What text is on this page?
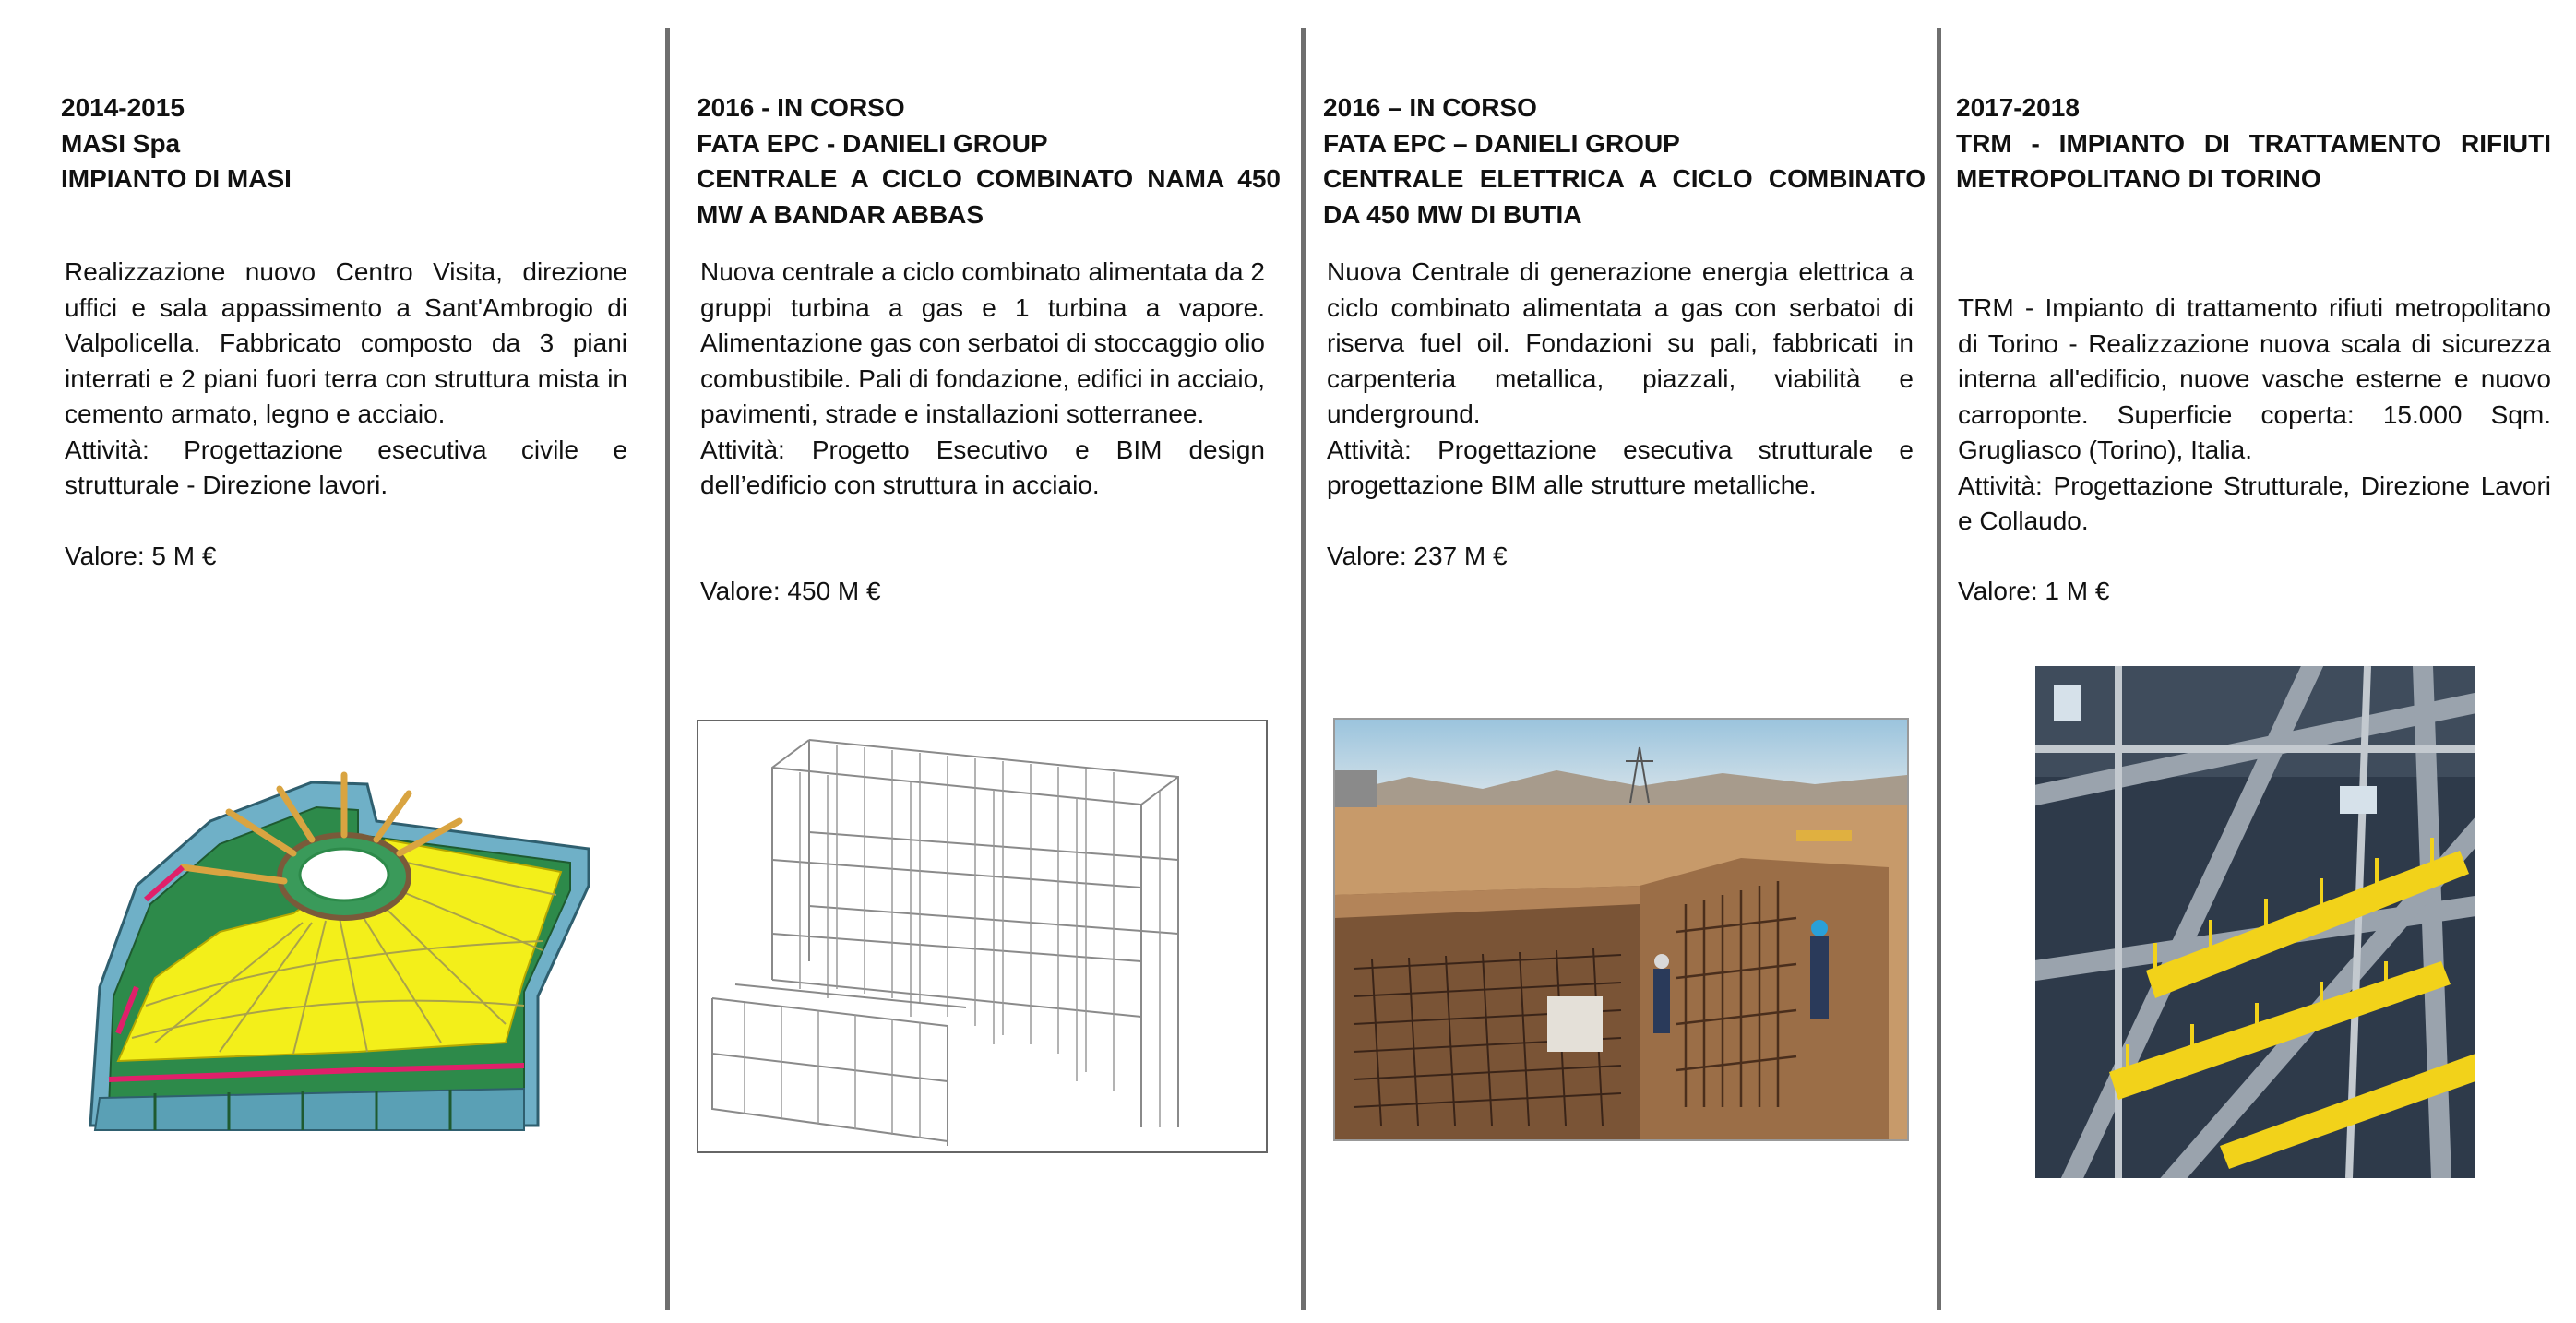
2014-2015
MASI Spa
IMPIANTO DI MASI

Realizzazione nuovo Centro Visita, direzione uffici e sala appassimento a Sant'Ambrogio di Valpolicella. Fabbricato composto da 3 piani interrati e 2 piani fuori terra con struttura mista in cemento armato, legno e acciaio.

Attività: Progettazione esecutiva civile e strutturale - Direzione lavori.

Valore: 5 M €
2016 - IN CORSO
FATA EPC - DANIELI GROUP
CENTRALE A CICLO COMBINATO NAMA 450 MW A BANDAR ABBAS

Nuova centrale a ciclo combinato alimentata da 2 gruppi turbina a gas e 1 turbina a vapore. Alimentazione gas con serbatoi di stoccaggio olio combustibile. Pali di fondazione, edifici in acciaio, pavimenti, strade e installazioni sotterranee.

Attività: Progetto Esecutivo e BIM design dell’edificio con struttura in acciaio.

Valore: 450 M €
2016 – IN CORSO
FATA EPC – DANIELI GROUP
CENTRALE ELETTRICA A CICLO COMBINATO DA 450 MW DI BUTIA

Nuova Centrale di generazione energia elettrica a ciclo combinato alimentata a gas con serbatoi di riserva fuel oil. Fondazioni su pali, fabbricati in carpenteria metallica, piazzali, viabilità e underground.

Attività: Progettazione esecutiva strutturale e progettazione BIM alle strutture metalliche.

Valore: 237 M €
2017-2018
TRM - IMPIANTO DI TRATTAMENTO RIFIUTI METROPOLITANO DI TORINO

TRM - Impianto di trattamento rifiuti metropolitano di Torino - Realizzazione nuova scala di sicurezza interna all'edificio, nuove vasche esterne e nuovo carroponte. Superficie coperta: 15.000 Sqm. Grugliasco (Torino), Italia.

Attività: Progettazione Strutturale, Direzione Lavori e Collaudo.

Valore: 1 M €
